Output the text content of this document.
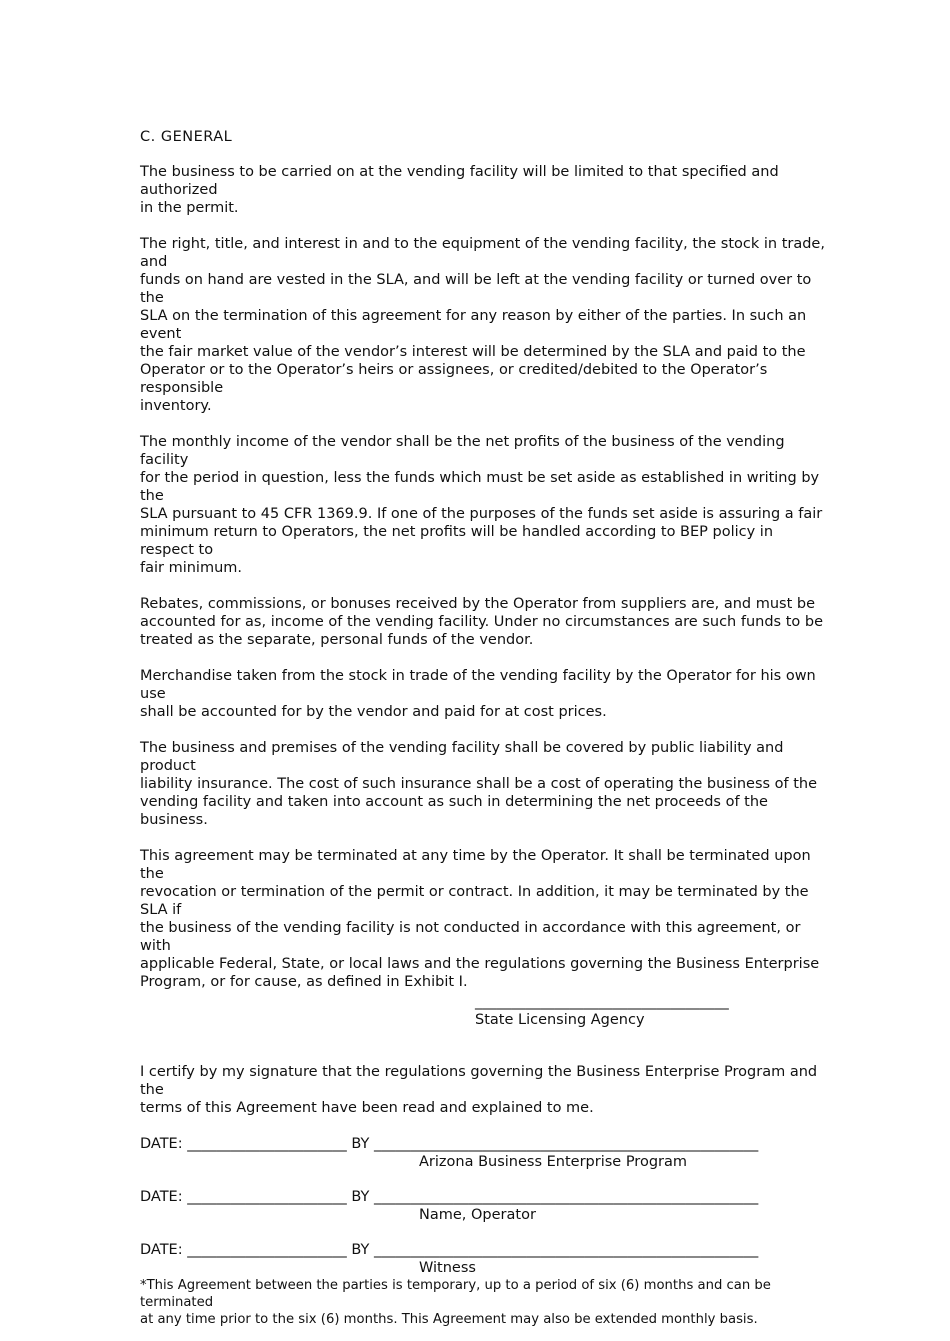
C. GENERAL

The business to be carried on at the vending facility will be limited to that specified and authorized
in the permit.

The right, title, and interest in and to the equipment of the vending facility, the stock in trade, and
funds on hand are vested in the SLA, and will be left at the vending facility or turned over to the
SLA on the termination of this agreement for any reason by either of the parties. In such an event
the fair market value of the vendor’s interest will be determined by the SLA and paid to the
Operator or to the Operator’s heirs or assignees, or credited/debited to the Operator’s responsible
inventory.

The monthly income of the vendor shall be the net profits of the business of the vending facility
for the period in question, less the funds which must be set aside as established in writing by the
SLA pursuant to 45 CFR 1369.9. If one of the purposes of the funds set aside is assuring a fair
minimum return to Operators, the net profits will be handled according to BEP policy in respect to
fair minimum.

Rebates, commissions, or bonuses received by the Operator from suppliers are, and must be
accounted for as, income of the vending facility. Under no circumstances are such funds to be
treated as the separate, personal funds of the vendor.

Merchandise taken from the stock in trade of the vending facility by the Operator for his own use
shall be accounted for by the vendor and paid for at cost prices.

The business and premises of the vending facility shall be covered by public liability and product
liability insurance. The cost of such insurance shall be a cost of operating the business of the
vending facility and taken into account as such in determining the net proceeds of the business.

This agreement may be terminated at any time by the Operator. It shall be terminated upon the
revocation or termination of the permit or contract. In addition, it may be terminated by the SLA if
the business of the vending facility is not conducted in accordance with this agreement, or with
applicable Federal, State, or local laws and the regulations governing the Business Enterprise
Program, or for cause, as defined in Exhibit I.

___________________________________
State Licensing Agency

I certify by my signature that the regulations governing the Business Enterprise Program and the
terms of this Agreement have been read and explained to me.

DATE: ______________________ BY _____________________________________________________
Arizona Business Enterprise Program
DATE: ______________________ BY _____________________________________________________
Name, Operator
DATE: ______________________ BY _____________________________________________________
Witness

*This Agreement between the parties is temporary, up to a period of six (6) months and can be terminated
at any time prior to the six (6) months. This Agreement may also be extended monthly basis.
